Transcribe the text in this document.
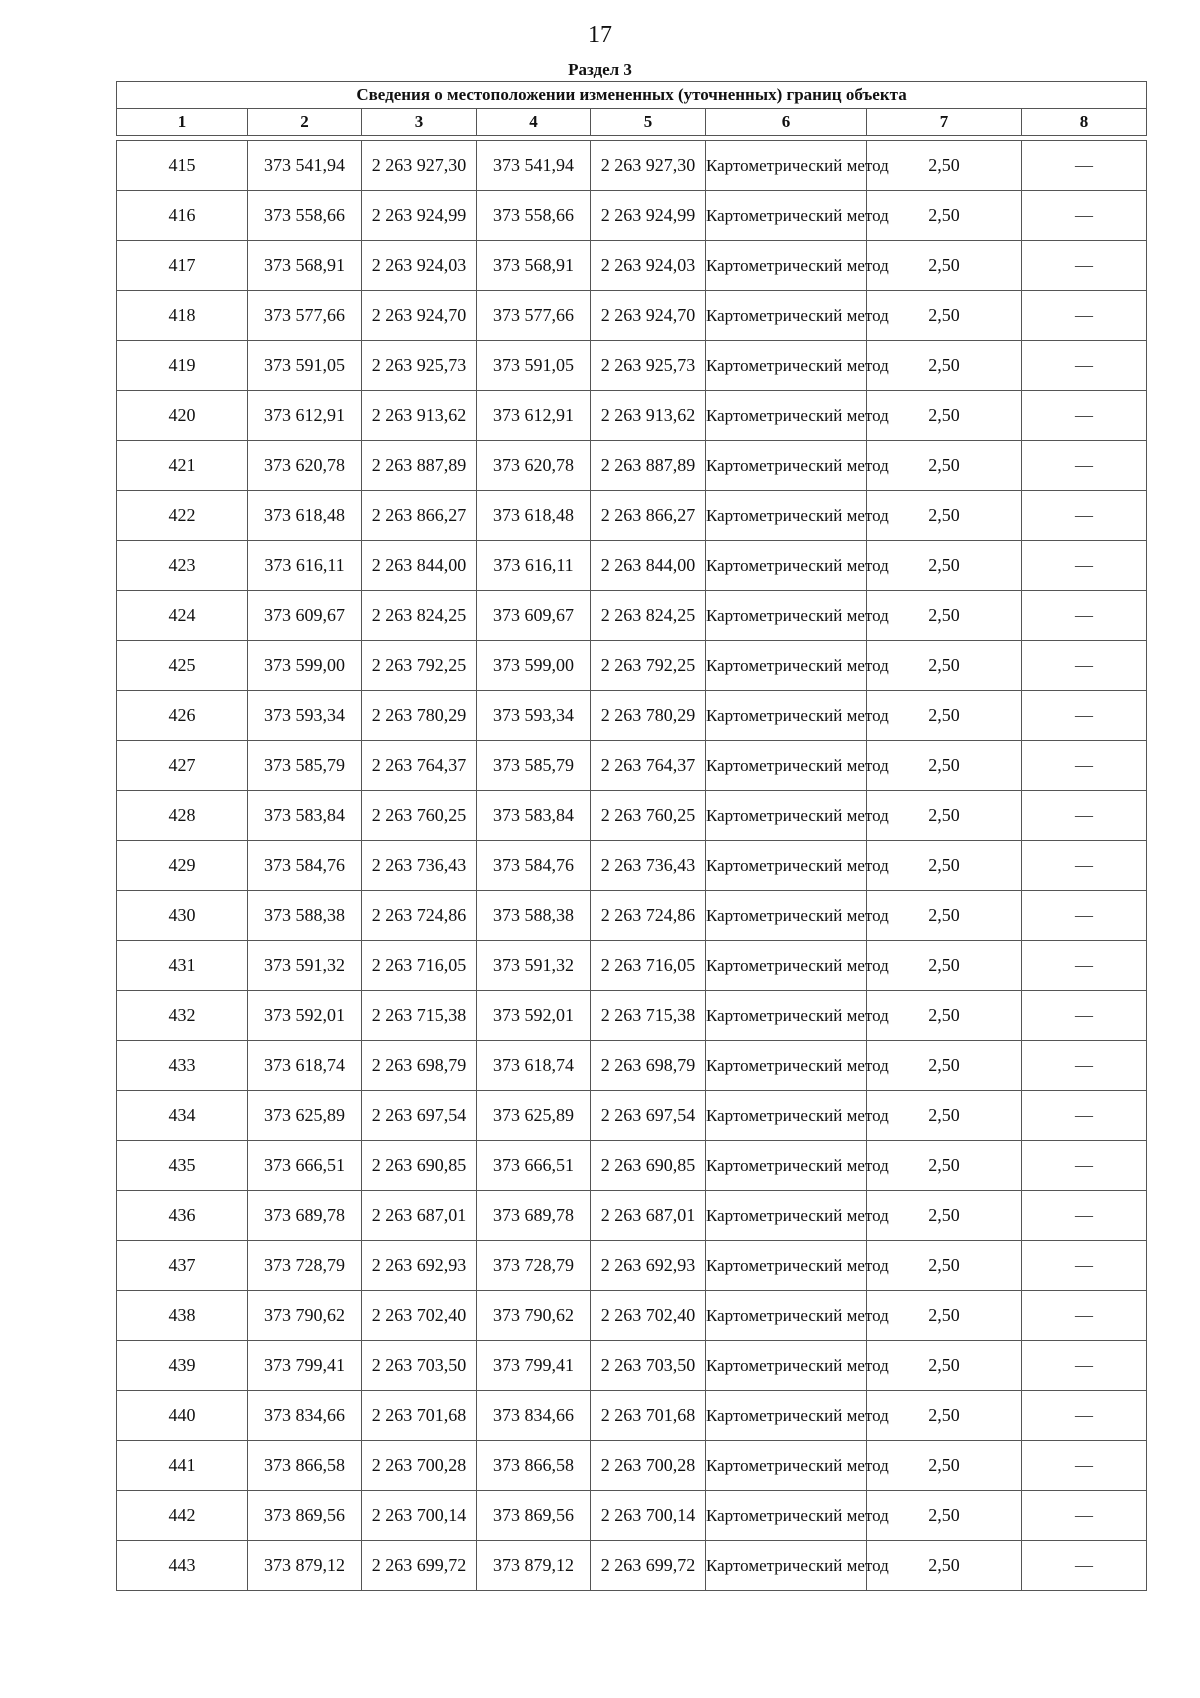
17
Раздел 3
Сведения о местоположении измененных (уточненных) границ объекта							
1	2	3	4	5	6	7	8

415	373 541,94	2 263 927,30	373 541,94	2 263 927,30	Картометрический метод	2,50	—
416	373 558,66	2 263 924,99	373 558,66	2 263 924,99	Картометрический метод	2,50	—
417	373 568,91	2 263 924,03	373 568,91	2 263 924,03	Картометрический метод	2,50	—
418	373 577,66	2 263 924,70	373 577,66	2 263 924,70	Картометрический метод	2,50	—
419	373 591,05	2 263 925,73	373 591,05	2 263 925,73	Картометрический метод	2,50	—
420	373 612,91	2 263 913,62	373 612,91	2 263 913,62	Картометрический метод	2,50	—
421	373 620,78	2 263 887,89	373 620,78	2 263 887,89	Картометрический метод	2,50	—
422	373 618,48	2 263 866,27	373 618,48	2 263 866,27	Картометрический метод	2,50	—
423	373 616,11	2 263 844,00	373 616,11	2 263 844,00	Картометрический метод	2,50	—
424	373 609,67	2 263 824,25	373 609,67	2 263 824,25	Картометрический метод	2,50	—
425	373 599,00	2 263 792,25	373 599,00	2 263 792,25	Картометрический метод	2,50	—
426	373 593,34	2 263 780,29	373 593,34	2 263 780,29	Картометрический метод	2,50	—
427	373 585,79	2 263 764,37	373 585,79	2 263 764,37	Картометрический метод	2,50	—
428	373 583,84	2 263 760,25	373 583,84	2 263 760,25	Картометрический метод	2,50	—
429	373 584,76	2 263 736,43	373 584,76	2 263 736,43	Картометрический метод	2,50	—
430	373 588,38	2 263 724,86	373 588,38	2 263 724,86	Картометрический метод	2,50	—
431	373 591,32	2 263 716,05	373 591,32	2 263 716,05	Картометрический метод	2,50	—
432	373 592,01	2 263 715,38	373 592,01	2 263 715,38	Картометрический метод	2,50	—
433	373 618,74	2 263 698,79	373 618,74	2 263 698,79	Картометрический метод	2,50	—
434	373 625,89	2 263 697,54	373 625,89	2 263 697,54	Картометрический метод	2,50	—
435	373 666,51	2 263 690,85	373 666,51	2 263 690,85	Картометрический метод	2,50	—
436	373 689,78	2 263 687,01	373 689,78	2 263 687,01	Картометрический метод	2,50	—
437	373 728,79	2 263 692,93	373 728,79	2 263 692,93	Картометрический метод	2,50	—
438	373 790,62	2 263 702,40	373 790,62	2 263 702,40	Картометрический метод	2,50	—
439	373 799,41	2 263 703,50	373 799,41	2 263 703,50	Картометрический метод	2,50	—
440	373 834,66	2 263 701,68	373 834,66	2 263 701,68	Картометрический метод	2,50	—
441	373 866,58	2 263 700,28	373 866,58	2 263 700,28	Картометрический метод	2,50	—
442	373 869,56	2 263 700,14	373 869,56	2 263 700,14	Картометрический метод	2,50	—
443	373 879,12	2 263 699,72	373 879,12	2 263 699,72	Картометрический метод	2,50	—
